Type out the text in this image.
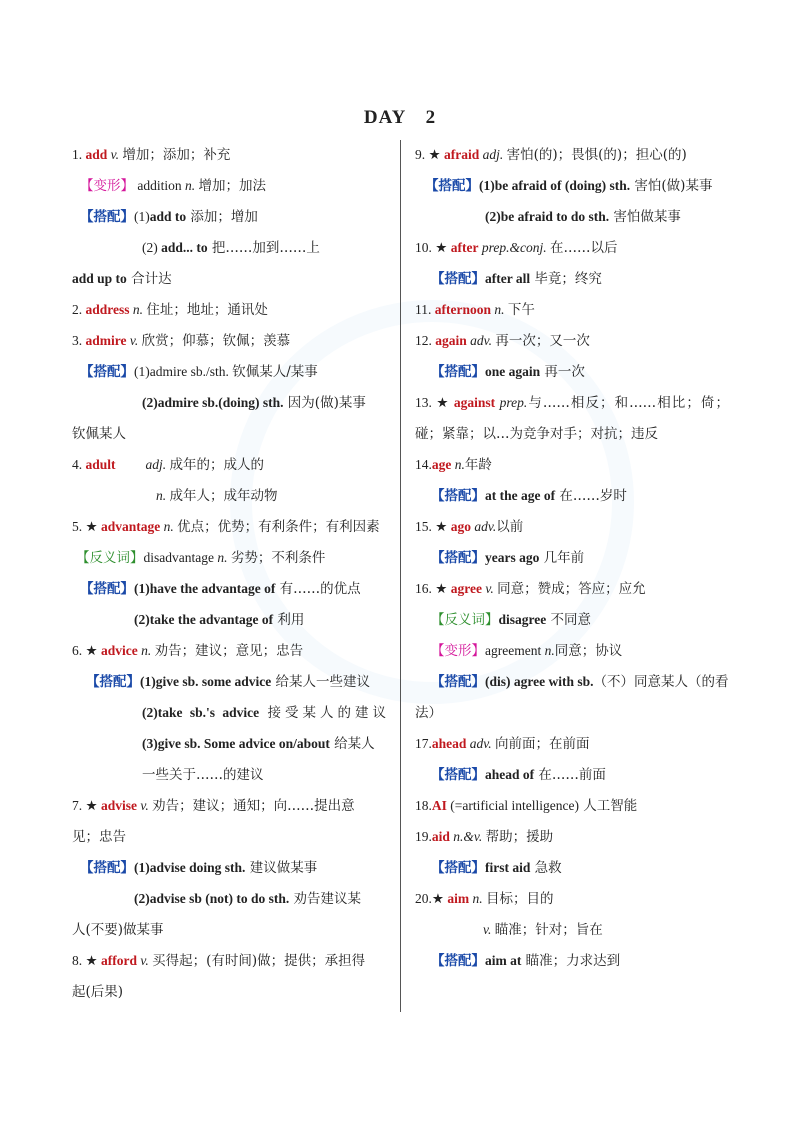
DAY　2
1. add v. 增加；添加；补充
【变形】 addition n. 增加；加法
【搭配】(1)add to 添加；增加
(2) add... to 把……加到……上
add up to 合计达
2. address n. 住址；地址；通讯处
3. admire v. 欣赏；仰慕；钦佩；羡慕
【搭配】(1)admire sb./sth. 钦佩某人/某事
(2)admire sb.(doing) sth. 因为(做)某事
钦佩某人
4. adult adj. 成年的；成人的
n. 成年人；成年动物
5. ★ advantage n. 优点；优势；有利条件；有利因素
【反义词】disadvantage n. 劣势；不利条件
【搭配】(1)have the advantage of 有……的优点
(2)take the advantage of 利用
6. ★ advice n. 劝告；建议；意见；忠告
【搭配】(1)give sb. some advice 给某人一些建议
(2)take sb.'s advice 接受某人的建议
(3)give sb. Some advice on/about 给某人
一些关于……的建议
7. ★ advise v. 劝告；建议；通知；向……提出意
见；忠告
【搭配】(1)advise doing sth. 建议做某事
(2)advise sb (not) to do sth. 劝告建议某
人(不要)做某事
8. ★ afford v. 买得起；(有时间)做；提供；承担得
起(后果)
9. ★ afraid adj. 害怕(的)；畏惧(的)；担心(的)
【搭配】(1)be afraid of (doing) sth. 害怕(做)某事
(2)be afraid to do sth. 害怕做某事
10. ★ after prep.&conj. 在……以后
【搭配】after all 毕竟；终究
11. afternoon n. 下午
12. again adv. 再一次；又一次
【搭配】one again 再一次
13. ★ against prep.与……相反；和……相比；倚；
碰；紧靠；以…为竞争对手；对抗；违反
14.age n.年龄
【搭配】at the age of 在……岁时
15. ★ ago adv.以前
【搭配】years ago 几年前
16. ★ agree v. 同意；赞成；答应；应允
【反义词】disagree 不同意
【变形】agreement n.同意；协议
【搭配】(dis) agree with sb.（不）同意某人（的看
法）
17.ahead adv. 向前面；在前面
【搭配】ahead of 在……前面
18.AI (=artificial intelligence) 人工智能
19.aid n.&v. 帮助；援助
【搭配】first aid 急救
20.★ aim n. 目标；目的
v. 瞄准；针对；旨在
【搭配】aim at 瞄准；力求达到
